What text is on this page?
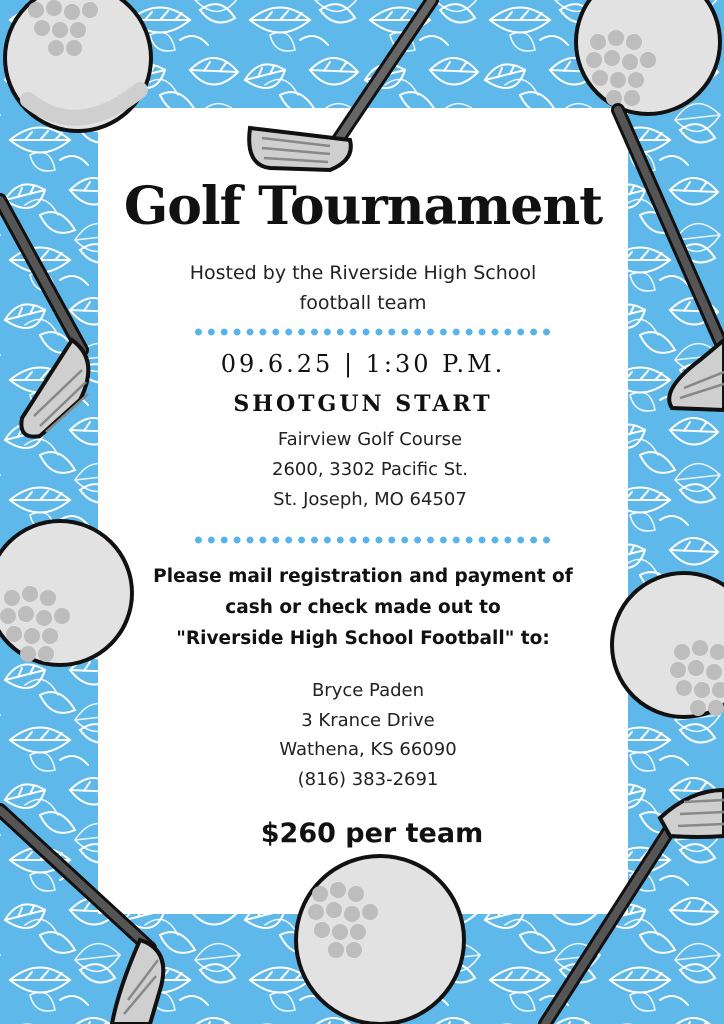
Golf Tournament
Hosted by the Riverside High School
football team
09.6.25 | 1:30 P.M.
SHOTGUN START
Fairview Golf Course
2600, 3302 Pacific St.
St. Joseph, MO 64507
Please mail registration and payment of
cash or check made out to
"Riverside High School Football" to:
Bryce Paden
3 Krance Drive
Wathena, KS 66090
(816) 383-2691
$260 per team
